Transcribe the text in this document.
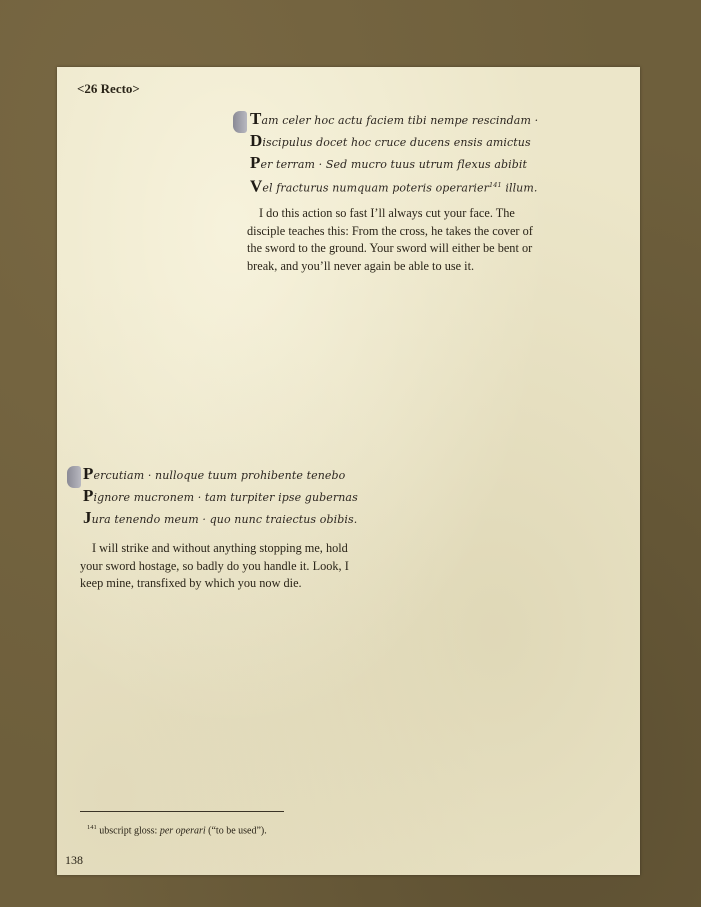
<26 Recto>
Tam celer hoc actu faciem tibi nempe rescindam ·
Discipulus docet hoc cruce ducens ensis amictus
Per terram · Sed mucro tuus utrum flexus abibit
Vel fracturus numquam poteris operarier$^{141}$ illum.
I do this action so fast I’ll always cut your face. The disciple teaches this: From the cross, he takes the cover of the sword to the ground. Your sword will either be bent or break, and you’ll never again be able to use it.
Percutiam · nulloque tuum prohibente tenebo
Pignore mucronem · tam turpiter ipse gubernas
Jura tenendo meum · quo nunc traiectus obibis.
I will strike and without anything stopping me, hold your sword hostage, so badly do you handle it. Look, I keep mine, transfixed by which you now die.
$^{141}$ ubscript gloss: per operari (“to be used”).
138
